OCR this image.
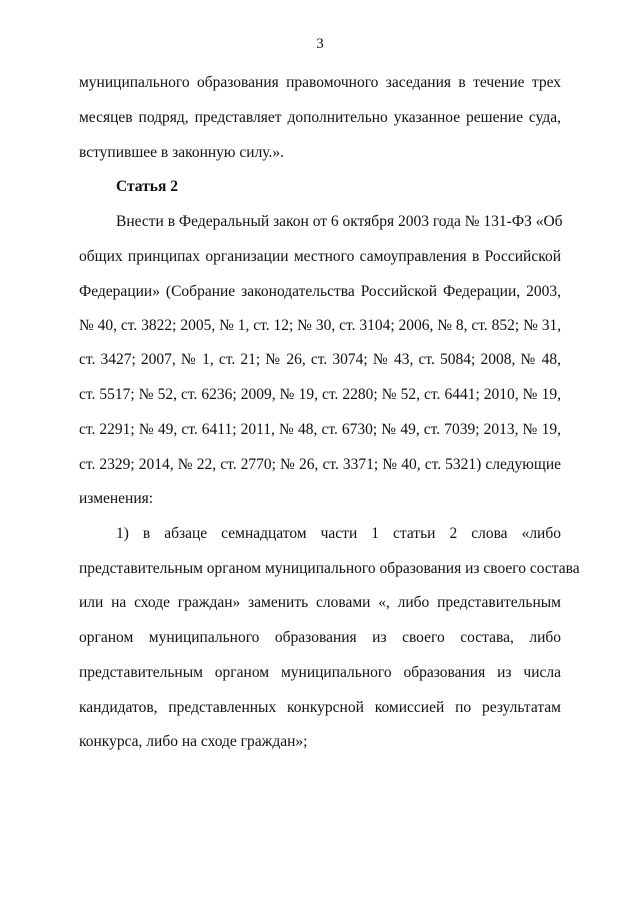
3
муниципального образования правомочного заседания в течение трех
месяцев подряд, представляет дополнительно указанное решение суда,
вступившее в законную силу.».
Статья 2
Внести в Федеральный закон от 6 октября 2003 года № 131-ФЗ «Об
общих принципах организации местного самоуправления в Российской
Федерации» (Собрание законодательства Российской Федерации, 2003,
№ 40, ст. 3822; 2005, № 1, ст. 12; № 30, ст. 3104; 2006, № 8, ст. 852; № 31,
ст. 3427; 2007, № 1, ст. 21; № 26, ст. 3074; № 43, ст. 5084; 2008, № 48,
ст. 5517; № 52, ст. 6236; 2009, № 19, ст. 2280; № 52, ст. 6441; 2010, № 19,
ст. 2291; № 49, ст. 6411; 2011, № 48, ст. 6730; № 49, ст. 7039; 2013, № 19,
ст. 2329; 2014, № 22, ст. 2770; № 26, ст. 3371; № 40, ст. 5321) следующие
изменения:
1) в абзаце семнадцатом части 1 статьи 2 слова «либо
представительным органом муниципального образования из своего состава
или на сходе граждан» заменить словами «, либо представительным
органом муниципального образования из своего состава, либо
представительным органом муниципального образования из числа
кандидатов, представленных конкурсной комиссией по результатам
конкурса, либо на сходе граждан»;
